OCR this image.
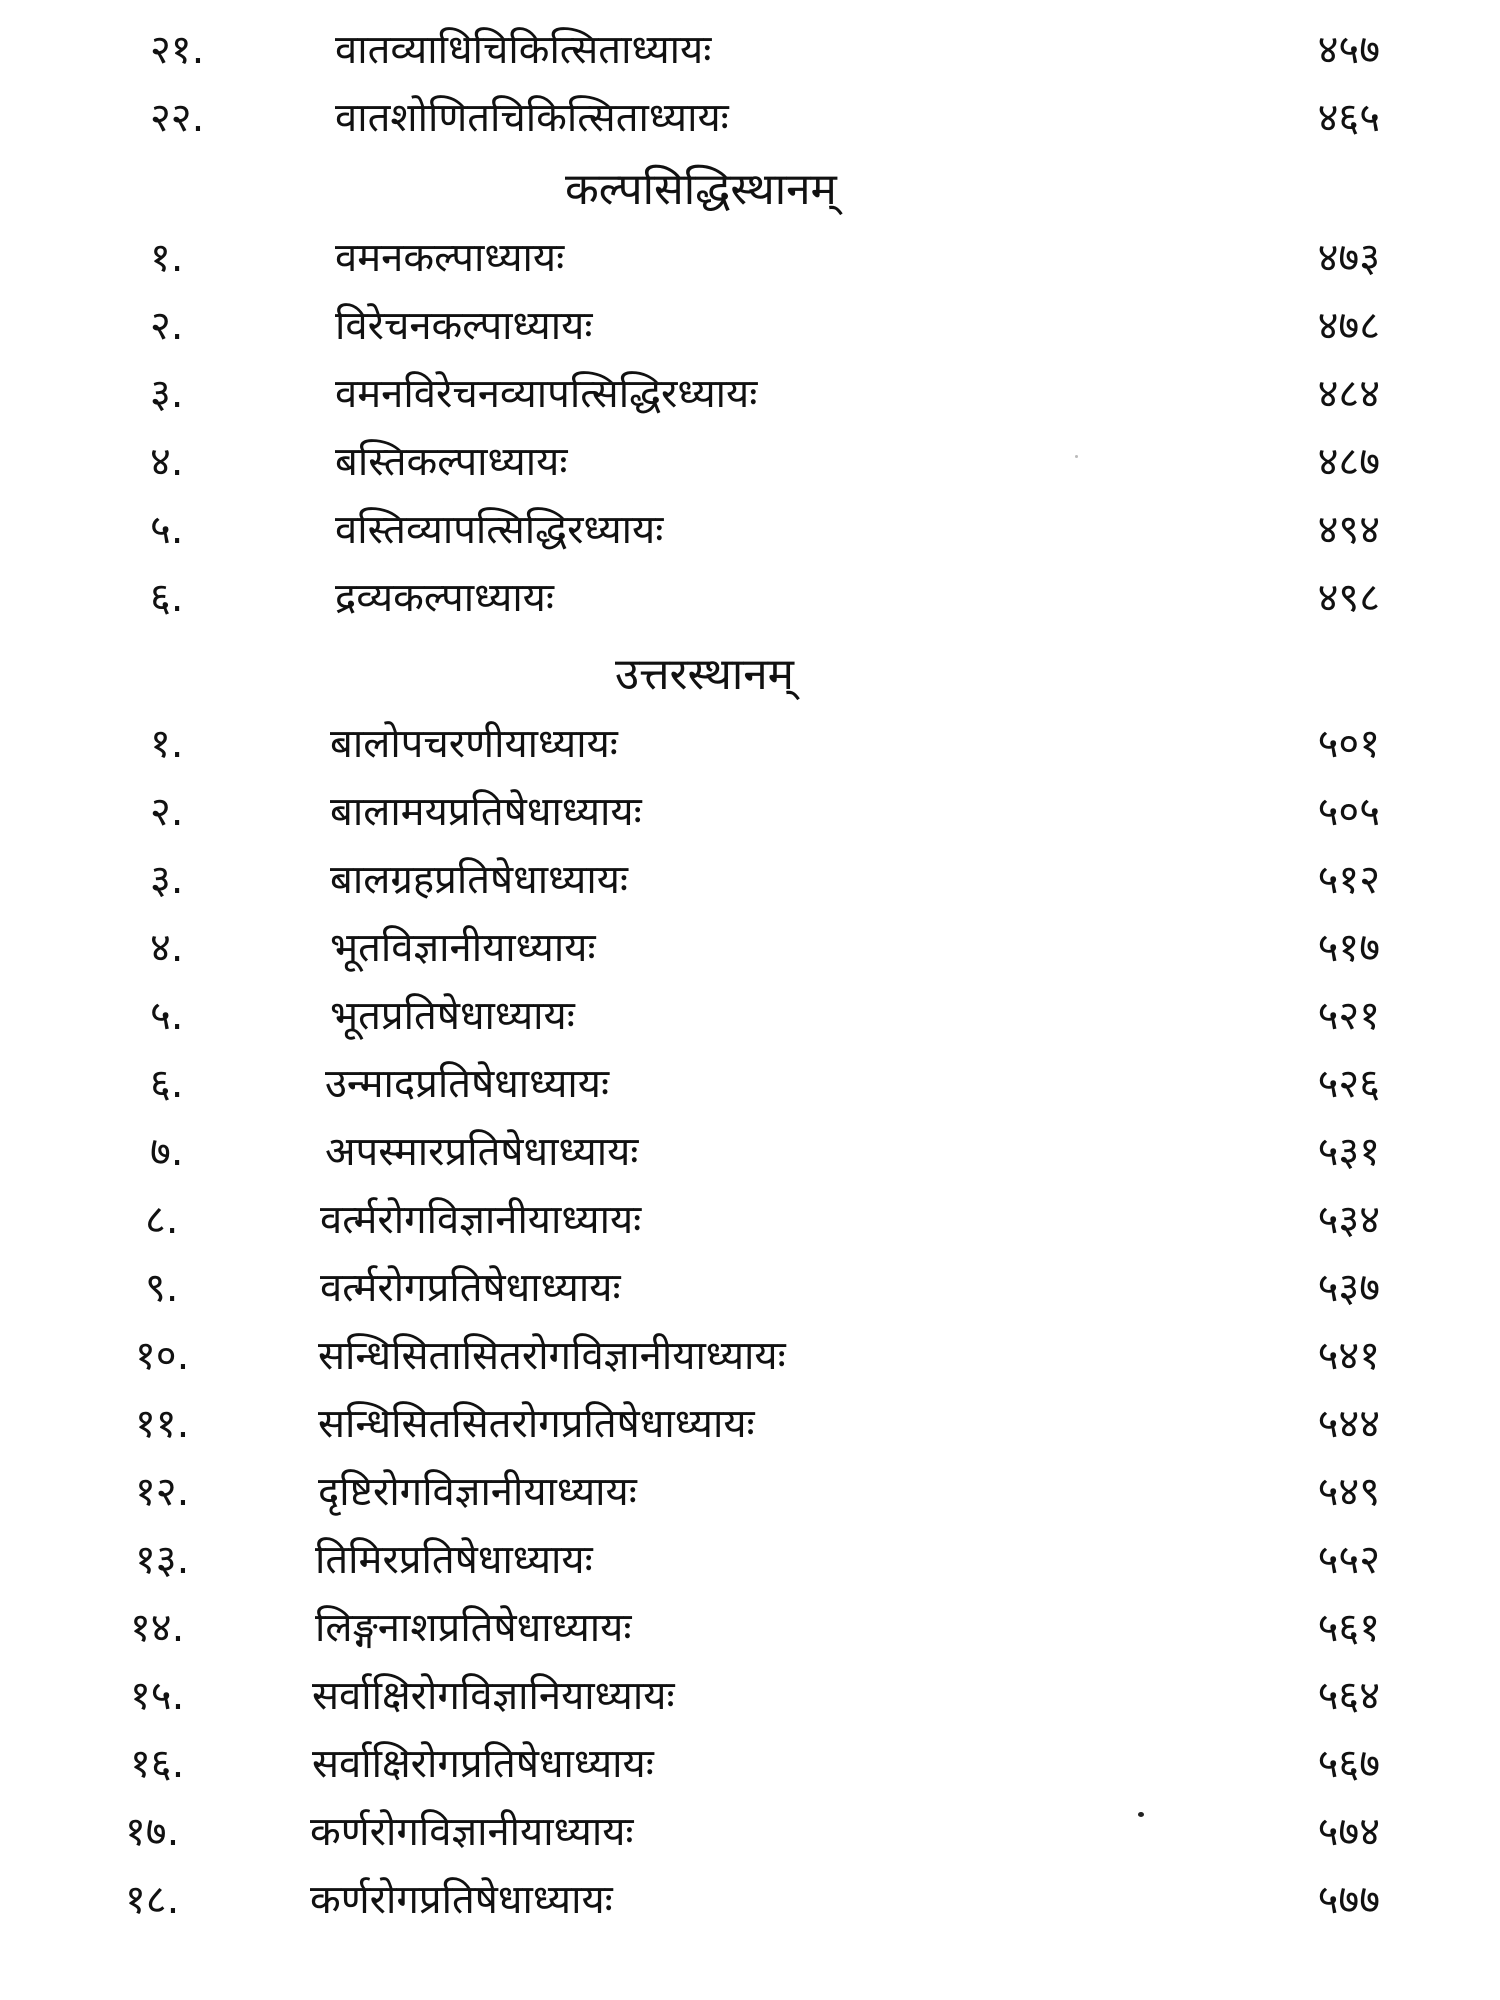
२१.	वातव्याधिचिकित्सिताध्यायः	४५७
२२.	वातशोणितचिकित्सिताध्यायः	४६५
कल्पसिद्धिस्थानम्
१.	वमनकल्पाध्यायः	४७३
२.	विरेचनकल्पाध्यायः	४७८
३.	वमनविरेचनव्यापत्सिद्धिरध्यायः	४८४
४.	बस्तिकल्पाध्यायः	४८७
५.	वस्तिव्यापत्सिद्धिरध्यायः	४९४
६.	द्रव्यकल्पाध्यायः	४९८
उत्तरस्थानम्
१.	बालोपचरणीयाध्यायः	५०१
२.	बालामयप्रतिषेधाध्यायः	५०५
३.	बालग्रहप्रतिषेधाध्यायः	५१२
४.	भूतविज्ञानीयाध्यायः	५१७
५.	भूतप्रतिषेधाध्यायः	५२१
६.	उन्मादप्रतिषेधाध्यायः	५२६
७.	अपस्मारप्रतिषेधाध्यायः	५३१
८.	वर्त्मरोगविज्ञानीयाध्यायः	५३४
९.	वर्त्मरोगप्रतिषेधाध्यायः	५३७
१०.	सन्धिसितासितरोगविज्ञानीयाध्यायः	५४१
११.	सन्धिसितसितरोगप्रतिषेधाध्यायः	५४४
१२.	दृष्टिरोगविज्ञानीयाध्यायः	५४९
१३.	तिमिरप्रतिषेधाध्यायः	५५२
१४.	लिङ्गनाशप्रतिषेधाध्यायः	५६१
१५.	सर्वाक्षिरोगविज्ञानियाध्यायः	५६४
१६.	सर्वाक्षिरोगप्रतिषेधाध्यायः	५६७
१७.	कर्णरोगविज्ञानीयाध्यायः	५७४
१८.	कर्णरोगप्रतिषेधाध्यायः	५७७
